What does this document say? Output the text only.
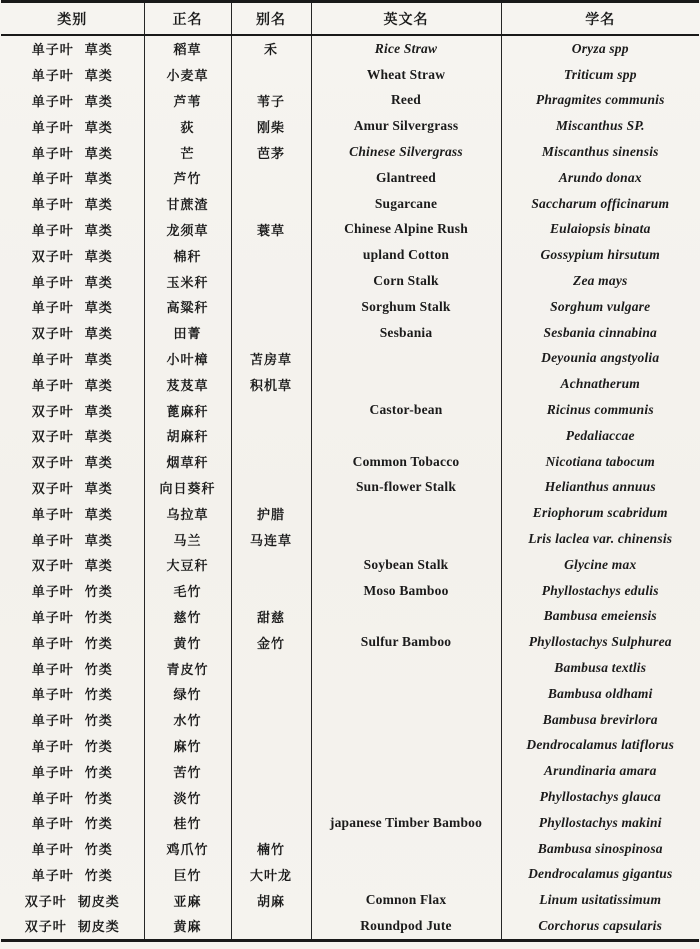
类别	正名	别名	英文名	学名
单子叶 草类	稻草	禾	Rice Straw	Oryza spp
单子叶 草类	小麦草		Wheat Straw	Triticum spp
单子叶 草类	芦苇	苇子	Reed	Phragmites communis
单子叶 草类	荻	刚柴	Amur Silvergrass	Miscanthus SP.
单子叶 草类	芒	芭茅	Chinese Silvergrass	Miscanthus sinensis
单子叶 草类	芦竹		Glantreed	Arundo donax
单子叶 草类	甘蔗渣		Sugarcane	Saccharum officinarum
单子叶 草类	龙须草	蓑草	Chinese Alpine Rush	Eulaiopsis binata
双子叶 草类	棉秆		upland Cotton	Gossypium hirsutum
单子叶 草类	玉米秆		Corn Stalk	Zea mays
单子叶 草类	高粱秆		Sorghum Stalk	Sorghum vulgare
双子叶 草类	田菁		Sesbania	Sesbania cinnabina
单子叶 草类	小叶樟	苫房草		Deyounia angstyolia
单子叶 草类	芨芨草	积机草		Achnatherum
双子叶 草类	蓖麻秆		Castor-bean	Ricinus communis
双子叶 草类	胡麻秆			Pedaliaccae
双子叶 草类	烟草秆		Common Tobacco	Nicotiana tabocum
双子叶 草类	向日葵秆		Sun-flower Stalk	Helianthus annuus
单子叶 草类	乌拉草	护腊		Eriophorum scabridum
单子叶 草类	马兰	马连草		Lris laclea var. chinensis
双子叶 草类	大豆秆		Soybean Stalk	Glycine max
单子叶 竹类	毛竹		Moso Bamboo	Phyllostachys edulis
单子叶 竹类	慈竹	甜慈		Bambusa emeiensis
单子叶 竹类	黄竹	金竹	Sulfur Bamboo	Phyllostachys Sulphurea
单子叶 竹类	青皮竹			Bambusa textlis
单子叶 竹类	绿竹			Bambusa oldhami
单子叶 竹类	水竹			Bambusa brevirlora
单子叶 竹类	麻竹			Dendrocalamus latiflorus
单子叶 竹类	苦竹			Arundinaria amara
单子叶 竹类	淡竹			Phyllostachys glauca
单子叶 竹类	桂竹		japanese Timber Bamboo	Phyllostachys makini
单子叶 竹类	鸡爪竹	楠竹		Bambusa sinospinosa
单子叶 竹类	巨竹	大叶龙		Dendrocalamus gigantus
双子叶 韧皮类	亚麻	胡麻	Comnon Flax	Linum usitatissimum
双子叶 韧皮类	黄麻		Roundpod Jute	Corchorus capsularis
